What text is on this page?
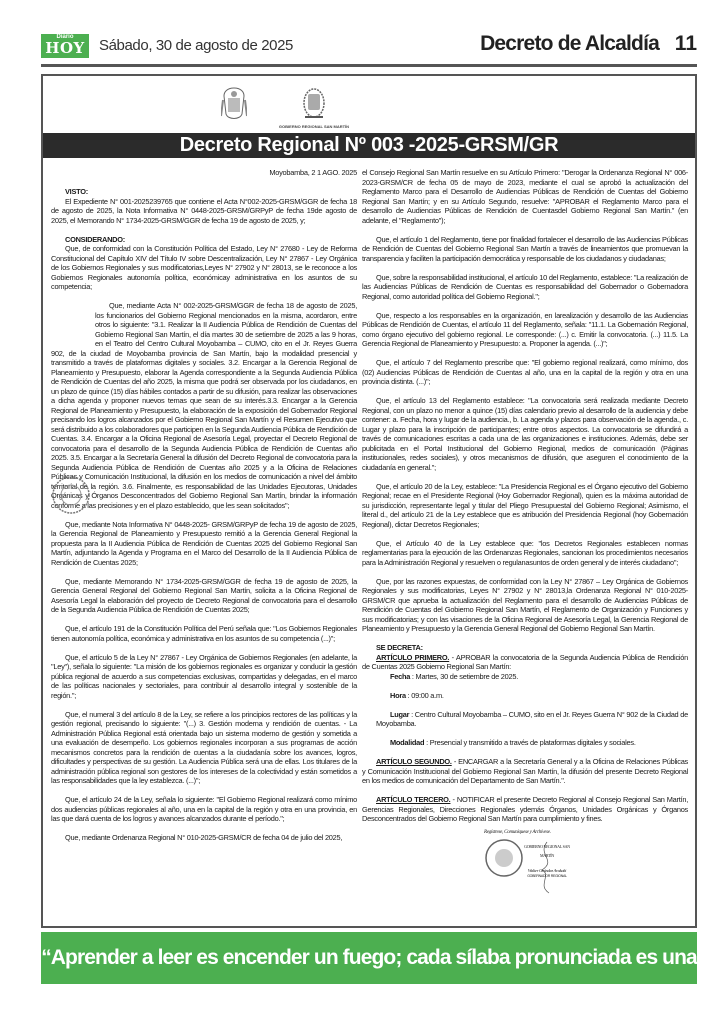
Diario
HOY Sábado, 30 de agosto de 2025	Decreto de Alcaldía 11
GOBIERNO REGIONAL SAN MARTÍN
Decreto Regional Nº 003 -2025-GRSM/GR

Moyobamba, 2 1 AGO. 2025

VISTO:

El Expediente N° 001-2025239765 que contiene el Acta N°002-2025-GRSM/GGR de fecha 18 de agosto de 2025, la Nota Informativa N° 0448-2025-GRSM/GRPyP de fecha 19de agosto de 2025, el Memorando N° 1734-2025-GRSM/GGR de fecha 19 de agosto de 2025, y;

CONSIDERANDO:

Que, de conformidad con la Constitución Política del Estado, Ley N° 27680 - Ley de Reforma Constitucional del Capítulo XIV del Título IV sobre Descentralización, Ley N° 27867 - Ley Orgánica de los Gobiernos Regionales y sus modificatorias,Leyes N° 27902 y N° 28013, se le reconoce a los Gobiernos Regionales autonomía política, económicay administrativa en los asuntos de su competencia;

Que, mediante Acta N° 002-2025-GRSM/GGR de fecha 18 de agosto de 2025, los funcionarios del Gobierno Regional mencionados en la misma, acordaron, entre otros lo siguiente: "3.1. Realizar la II Audiencia Pública de Rendición de Cuentas del Gobierno Regional San Martín, el día martes 30 de setiembre de 2025 a las 9 horas, en el Teatro del Centro Cultural Moyobamba – CUMO, cito en el Jr. Reyes Guerra 902, de la ciudad de Moyobamba provincia de San Martín, bajo la modalidad presencial y transmitido a través de plataformas digitales y sociales. 3.2. Encargar a la Gerencia Regional de Planeamiento y Presupuesto, elaborar la Agenda correspondiente a la Segunda Audiencia Pública de Rendición de Cuentas del año 2025, la misma que podrá ser observada por los ciudadanos, en un plazo de quince (15) días hábiles contados a partir de su difusión, para realizar las observaciones a dicha agenda y proponer nuevos temas que sean de su interés.3.3. Encargar a la Gerencia Regional de Planeamiento y Presupuesto, la elaboración de la exposición del Gobernador Regional precisando los logros alcanzados por el Gobierno Regional San Martín y el Resumen Ejecutivo que será distribuido a los colaboradores que participen en la Segunda Audiencia Pública de Rendición de Cuentas. 3.4. Encargar a la Oficina Regional de Asesoría Legal, proyectar el Decreto Regional de convocatoria para el desarrollo de la Segunda Audiencia Pública de Rendición de Cuentas año 2025. 3.5. Encargar a la Secretaría General la difusión del Decreto Regional de convocatoria para la Segunda Audiencia Pública de Rendición de Cuentas año 2025 y a la Oficina de Relaciones Públicas y Comunicación Institucional, la difusión en los medios de comunicación a nivel del ámbito territorial de la región. 3.6. Finalmente, es responsabilidad de las Unidades Ejecutoras, Unidades Orgánicas y Órganos Desconcentrados del Gobierno Regional San Martín, brindar la información conforme a las precisiones y en el plazo establecido, que les sean solicitados";

Que, mediante Nota Informativa N° 0448-2025- GRSM/GRPyP de fecha 19 de agosto de 2025, la Gerencia Regional de Planeamiento y Presupuesto remitió a la Gerencia General Regional la propuesta para la II Audiencia Pública de Rendición de Cuentas 2025 del Gobierno Regional San Martín, adjuntando la Agenda y Programa en el Marco del Desarrollo de la II Audiencia Pública de Rendición de Cuentas 2025;

Que, mediante Memorando N° 1734-2025-GRSM/GGR de fecha 19 de agosto de 2025, la Gerencia General Regional del Gobierno Regional San Martín, solicita a la Oficina Regional de Asesoría Legal la elaboración del proyecto de Decreto Regional de convocatoria para el desarrollo de la Segunda Audiencia Pública de Rendición de Cuentas 2025;

Que, el artículo 191 de la Constitución Política del Perú señala que: "Los Gobiernos Regionales tienen autonomía política, económica y administrativa en los asuntos de su competencia (...)";

Que, el artículo 5 de la Ley N° 27867 - Ley Orgánica de Gobiernos Regionales (en adelante, la "Ley"), señala lo siguiente: "La misión de los gobiernos regionales es organizar y conducir la gestión pública regional de acuerdo a sus competencias exclusivas, compartidas y delegadas, en el marco de las políticas nacionales y sectoriales, para contribuir al desarrollo integral y sostenible de la región.";

Que, el numeral 3 del artículo 8 de la Ley, se refiere a los principios rectores de las políticas y la gestión regional, precisando lo siguiente: "(...) 3. Gestión moderna y rendición de cuentas. - La Administración Pública Regional está orientada bajo un sistema moderno de gestión y sometida a una evaluación de desempeño. Los gobiernos regionales incorporan a sus programas de acción mecanismos concretos para la rendición de cuentas a la ciudadanía sobre los avances, logros, dificultades y perspectivas de su gestión. La Audiencia Pública será una de ellas. Los titulares de la administración pública regional son gestores de los intereses de la colectividad y están sometidos a las responsabilidades que la ley establezca. (...)";

Que, el artículo 24 de la Ley, señala lo siguiente: "El Gobierno Regional realizará como mínimo dos audiencias públicas regionales al año, una en la capital de la región y otra en una provincia, en las que dará cuenta de los logros y avances alcanzados durante el período.";

Que, mediante Ordenanza Regional N° 010-2025-GRSM/CR de fecha 04 de julio del 2025,

el Consejo Regional San Martín resuelve en su Artículo Primero: "Derogar la Ordenanza Regional N° 006-2023-GRSM/CR de fecha 05 de mayo de 2023, mediante el cual se aprobó la actualización del Reglamento Marco para el Desarrollo de Audiencias Públicas de Rendición de Cuentas del Gobierno Regional San Martín; y en su Artículo Segundo, resuelve: "APROBAR el Reglamento Marco para el desarrollo de Audiencias Públicas de Rendición de Cuentasdel Gobierno Regional San Martín." (en adelante, el "Reglamento");

Que, el artículo 1 del Reglamento, tiene por finalidad fortalecer el desarrollo de las Audiencias Públicas de Rendición de Cuentas del Gobierno Regional San Martín a través de lineamientos que promuevan la transparencia y faciliten la participación democrática y responsable de los ciudadanos y ciudadanas;

Que, sobre la responsabilidad institucional, el artículo 10 del Reglamento, establece: "La realización de las Audiencias Públicas de Rendición de Cuentas es responsabilidad del Gobernador o Gobernadora Regional, como autoridad política del Gobierno Regional.";

Que, respecto a los responsables en la organización, en larealización y desarrollo de las Audiencias Públicas de Rendición de Cuentas, el artículo 11 del Reglamento, señala: "11.1. La Gobernación Regional, como órgano ejecutivo del gobierno regional. Le corresponde: (...) c. Emitir la convocatoria. (...) 11.5. La Gerencia Regional de Planeamiento y Presupuesto: a. Proponer la agenda. (...)";

Que, el artículo 7 del Reglamento prescribe que: "El gobierno regional realizará, como mínimo, dos (02) Audiencias Públicas de Rendición de Cuentas al año, una en la capital de la región y otra en una provincia distinta. (...)";

Que, el artículo 13 del Reglamento establece: "La convocatoria será realizada mediante Decreto Regional, con un plazo no menor a quince (15) días calendario previo al desarrollo de la audiencia y debe contener: a. Fecha, hora y lugar de la audiencia., b. La agenda y plazos para observación de la agenda., c. Lugar y plazo para la inscripción de participantes; entre otros aspectos. La convocatoria se difundirá a través de comunicaciones escritas a cada una de las organizaciones e instituciones. Además, debe ser publicitada en el Portal Institucional del Gobierno Regional, medios de comunicación (Páginas institucionales, redes sociales), y otros mecanismos de difusión, que aseguren el conocimiento de la ciudadanía en general.";

Que, el artículo 20 de la Ley, establece: "La Presidencia Regional es el Órgano ejecutivo del Gobierno Regional; recae en el Presidente Regional (Hoy Gobernador Regional), quien es la máxima autoridad de su jurisdicción, representante legal y titular del Pliego Presupuestal del Gobierno Regional; Asimismo, el literal d., del artículo 21 de la Ley establece que es atribución del Presidencia Regional (hoy Gobernación Regional), dictar Decretos Regionales;

Que, el Artículo 40 de la Ley establece que: "los Decretos Regionales establecen normas reglamentarias para la ejecución de las Ordenanzas Regionales, sancionan los procedimientos necesarios para la Administración Regional y resuelven o regulanasuntos de orden general y de interés ciudadano";

Que, por las razones expuestas, de conformidad con la Ley N° 27867 – Ley Orgánica de Gobiernos Regionales y sus modificatorias, Leyes N° 27902 y N° 28013,la Ordenanza Regional N° 010-2025-GRSM/CR que aprueba la actualización del Reglamento para el desarrollo de Audiencias Públicas de Rendición de Cuentas del Gobierno Regional San Martín, el Reglamento de Organización y Funciones y sus modificatorias; y con las visaciones de la Oficina Regional de Asesoría Legal, la Gerencia Regional de Planeamiento y Presupuesto y la Gerencia General Regional del Gobierno Regional San Martín.

SE DECRETA:

ARTÍCULO PRIMERO. - APROBAR la convocatoria de la Segunda Audiencia Pública de Rendición de Cuentas 2025 Gobierno Regional San Martín:

Fecha : Martes, 30 de setiembre de 2025.

Hora : 09:00 a.m.

Lugar : Centro Cultural Moyobamba – CUMO, sito en el Jr. Reyes Guerra N° 902 de la Ciudad de Moyobamba.

Modalidad : Presencial y transmitido a través de plataformas digitales y sociales.

ARTÍCULO SEGUNDO. - ENCARGAR a la Secretaría General y a la Oficina de Relaciones Públicas y Comunicación Institucional del Gobierno Regional San Martín, la difusión del presente Decreto Regional en los medios de comunicación del Departamento de San Martín.".

ARTÍCULO TERCERO. - NOTIFICAR el presente Decreto Regional al Consejo Regional San Martín, Gerencias Regionales, Direcciones Regionales ydemás Órganos, Unidades Orgánicas y Órganos Desconcentrados del Gobierno Regional San Martín para cumplimiento y fines.

Regístrese, Comuníquese y Archívese.
GOBIERNO REGIONAL SAN MARTÍN
Walter Grández Arakaki
GOBERNADOR REGIONAL
“Aprender a leer es encender un fuego; cada sílaba pronunciada es una chispa”.
